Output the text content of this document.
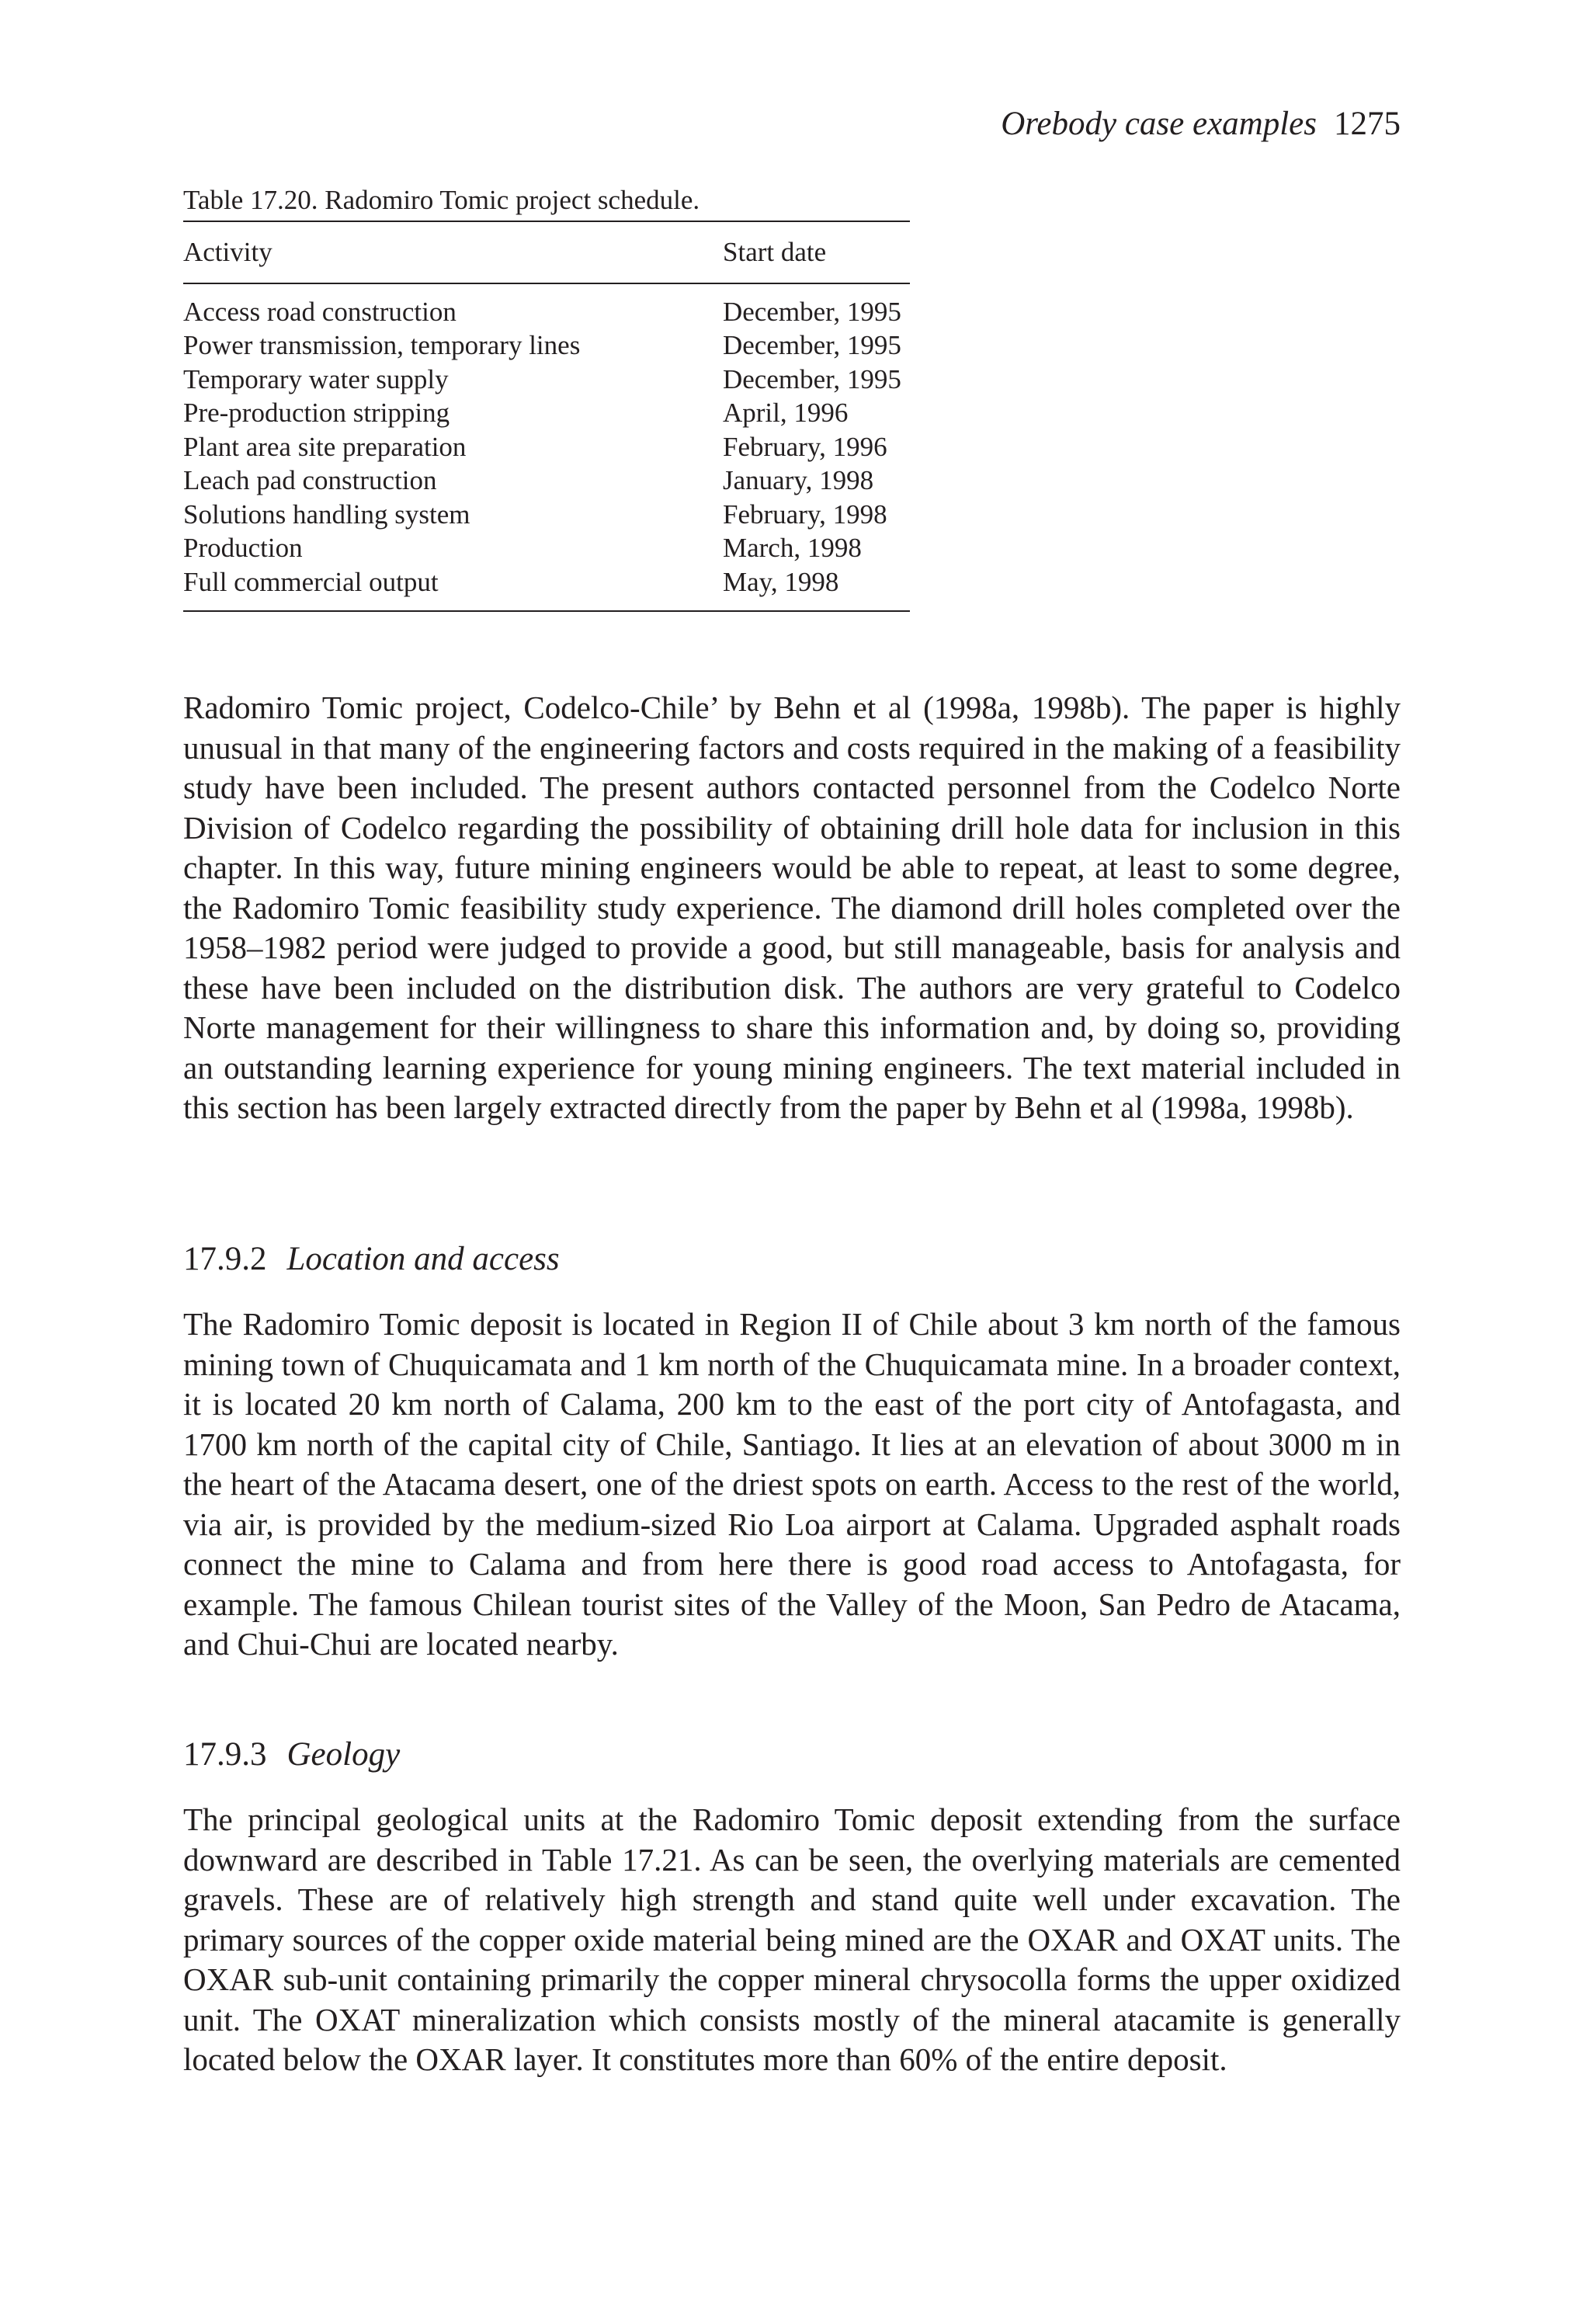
Orebody case examples 1275
Table 17.20. Radomiro Tomic project schedule.
Activity	Start date
Access road construction	December, 1995
Power transmission, temporary lines	December, 1995
Temporary water supply	December, 1995
Pre-production stripping	April, 1996
Plant area site preparation	February, 1996
Leach pad construction	January, 1998
Solutions handling system	February, 1998
Production	March, 1998
Full commercial output	May, 1998

Radomiro Tomic project, Codelco-Chile’ by Behn et al (1998a, 1998b). The paper is highly unusual in that many of the engineering factors and costs required in the making of a feasibility study have been included. The present authors contacted personnel from the Codelco Norte Division of Codelco regarding the possibility of obtaining drill hole data for inclusion in this chapter. In this way, future mining engineers would be able to repeat, at least to some degree, the Radomiro Tomic feasibility study experience. The diamond drill holes completed over the 1958–1982 period were judged to provide a good, but still manageable, basis for analysis and these have been included on the distribution disk. The authors are very grateful to Codelco Norte management for their willingness to share this information and, by doing so, providing an outstanding learning experience for young mining engineers. The text material included in this section has been largely extracted directly from the paper by Behn et al (1998a, 1998b).

17.9.2 Location and access

The Radomiro Tomic deposit is located in Region II of Chile about 3 km north of the famous mining town of Chuquicamata and 1 km north of the Chuquicamata mine. In a broader context, it is located 20 km north of Calama, 200 km to the east of the port city of Antofagasta, and 1700 km north of the capital city of Chile, Santiago. It lies at an elevation of about 3000 m in the heart of the Atacama desert, one of the driest spots on earth. Access to the rest of the world, via air, is provided by the medium-sized Rio Loa airport at Calama. Upgraded asphalt roads connect the mine to Calama and from here there is good road access to Antofagasta, for example. The famous Chilean tourist sites of the Valley of the Moon, San Pedro de Atacama, and Chui-Chui are located nearby.

17.9.3 Geology

The principal geological units at the Radomiro Tomic deposit extending from the surface downward are described in Table 17.21. As can be seen, the overlying materials are cemented gravels. These are of relatively high strength and stand quite well under excavation. The primary sources of the copper oxide material being mined are the OXAR and OXAT units. The OXAR sub-unit containing primarily the copper mineral chrysocolla forms the upper oxidized unit. The OXAT mineralization which consists mostly of the mineral atacamite is generally located below the OXAR layer. It constitutes more than 60% of the entire deposit.
